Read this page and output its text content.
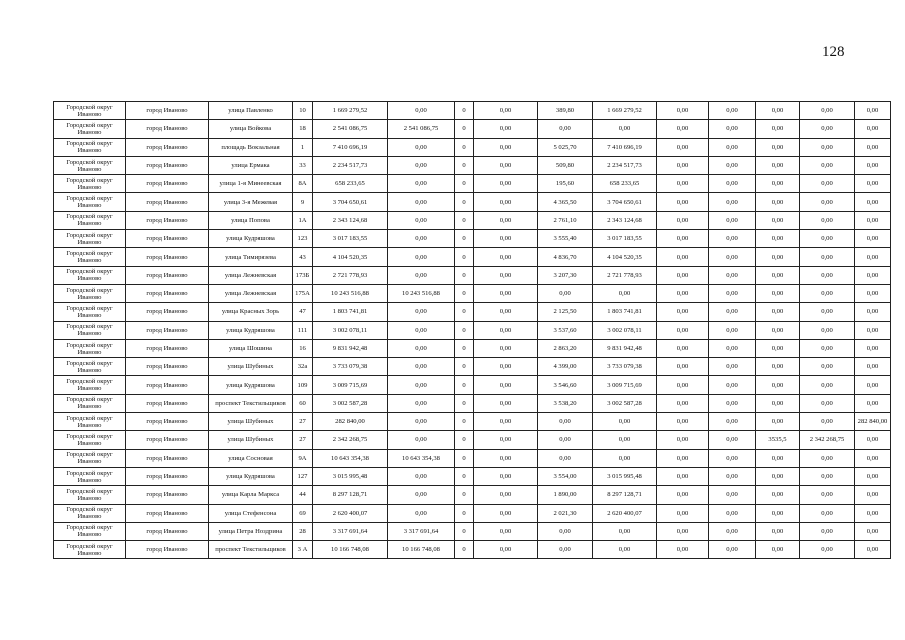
128
Городской округ Иваново	город Иваново	улица Павленко	10	1 669 279,52	0,00	0	0,00	389,80	1 669 279,52	0,00	0,00	0,00	0,00	0,00
Городской округ Иваново	город Иваново	улица Войкова	18	2 541 086,75	2 541 086,75	0	0,00	0,00	0,00	0,00	0,00	0,00	0,00	0,00
Городской округ Иваново	город Иваново	площадь Вокзальная	1	7 410 696,19	0,00	0	0,00	5 025,70	7 410 696,19	0,00	0,00	0,00	0,00	0,00
Городской округ Иваново	город Иваново	улица Ермака	33	2 234 517,73	0,00	0	0,00	509,80	2 234 517,73	0,00	0,00	0,00	0,00	0,00
Городской округ Иваново	город Иваново	улица 1-я Минеевская	8А	658 233,65	0,00	0	0,00	195,60	658 233,65	0,00	0,00	0,00	0,00	0,00
Городской округ Иваново	город Иваново	улица 3-я Межевая	9	3 704 650,61	0,00	0	0,00	4 365,50	3 704 650,61	0,00	0,00	0,00	0,00	0,00
Городской округ Иваново	город Иваново	улица Попова	1А	2 343 124,68	0,00	0	0,00	2 761,10	2 343 124,68	0,00	0,00	0,00	0,00	0,00
Городской округ Иваново	город Иваново	улица Кудряшова	123	3 017 183,55	0,00	0	0,00	3 555,40	3 017 183,55	0,00	0,00	0,00	0,00	0,00
Городской округ Иваново	город Иваново	улица Тимирязева	43	4 104 520,35	0,00	0	0,00	4 836,70	4 104 520,35	0,00	0,00	0,00	0,00	0,00
Городской округ Иваново	город Иваново	улица Лежневская	173Б	2 721 778,93	0,00	0	0,00	3 207,30	2 721 778,93	0,00	0,00	0,00	0,00	0,00
Городской округ Иваново	город Иваново	улица Лежневская	175А	10 243 516,88	10 243 516,88	0	0,00	0,00	0,00	0,00	0,00	0,00	0,00	0,00
Городской округ Иваново	город Иваново	улица Красных Зорь	47	1 803 741,81	0,00	0	0,00	2 125,50	1 803 741,81	0,00	0,00	0,00	0,00	0,00
Городской округ Иваново	город Иваново	улица Кудряшова	111	3 002 078,11	0,00	0	0,00	3 537,60	3 002 078,11	0,00	0,00	0,00	0,00	0,00
Городской округ Иваново	город Иваново	улица Шошина	16	9 831 942,48	0,00	0	0,00	2 863,20	9 831 942,48	0,00	0,00	0,00	0,00	0,00
Городской округ Иваново	город Иваново	улица Шубиных	32а	3 733 079,38	0,00	0	0,00	4 399,00	3 733 079,38	0,00	0,00	0,00	0,00	0,00
Городской округ Иваново	город Иваново	улица Кудряшова	109	3 009 715,69	0,00	0	0,00	3 546,60	3 009 715,69	0,00	0,00	0,00	0,00	0,00
Городской округ Иваново	город Иваново	проспект Текстильщиков	60	3 002 587,28	0,00	0	0,00	3 538,20	3 002 587,28	0,00	0,00	0,00	0,00	0,00
Городской округ Иваново	город Иваново	улица Шубиных	27	282 840,00	0,00	0	0,00	0,00	0,00	0,00	0,00	0,00	0,00	282 840,00
Городской округ Иваново	город Иваново	улица Шубиных	27	2 342 268,75	0,00	0	0,00	0,00	0,00	0,00	0,00	3535,5	2 342 268,75	0,00
Городской округ Иваново	город Иваново	улица Сосновая	9А	10 643 354,38	10 643 354,38	0	0,00	0,00	0,00	0,00	0,00	0,00	0,00	0,00
Городской округ Иваново	город Иваново	улица Кудряшова	127	3 015 995,48	0,00	0	0,00	3 554,00	3 015 995,48	0,00	0,00	0,00	0,00	0,00
Городской округ Иваново	город Иваново	улица Карла Маркса	44	8 297 128,71	0,00	0	0,00	1 890,00	8 297 128,71	0,00	0,00	0,00	0,00	0,00
Городской округ Иваново	город Иваново	улица Стефенсона	69	2 620 400,07	0,00	0	0,00	2 021,30	2 620 400,07	0,00	0,00	0,00	0,00	0,00
Городской округ Иваново	город Иваново	улица Петра Ноздрина	28	3 317 691,64	3 317 691,64	0	0,00	0,00	0,00	0,00	0,00	0,00	0,00	0,00
Городской округ Иваново	город Иваново	проспект Текстильщиков	3 А	10 166 748,08	10 166 748,08	0	0,00	0,00	0,00	0,00	0,00	0,00	0,00	0,00
